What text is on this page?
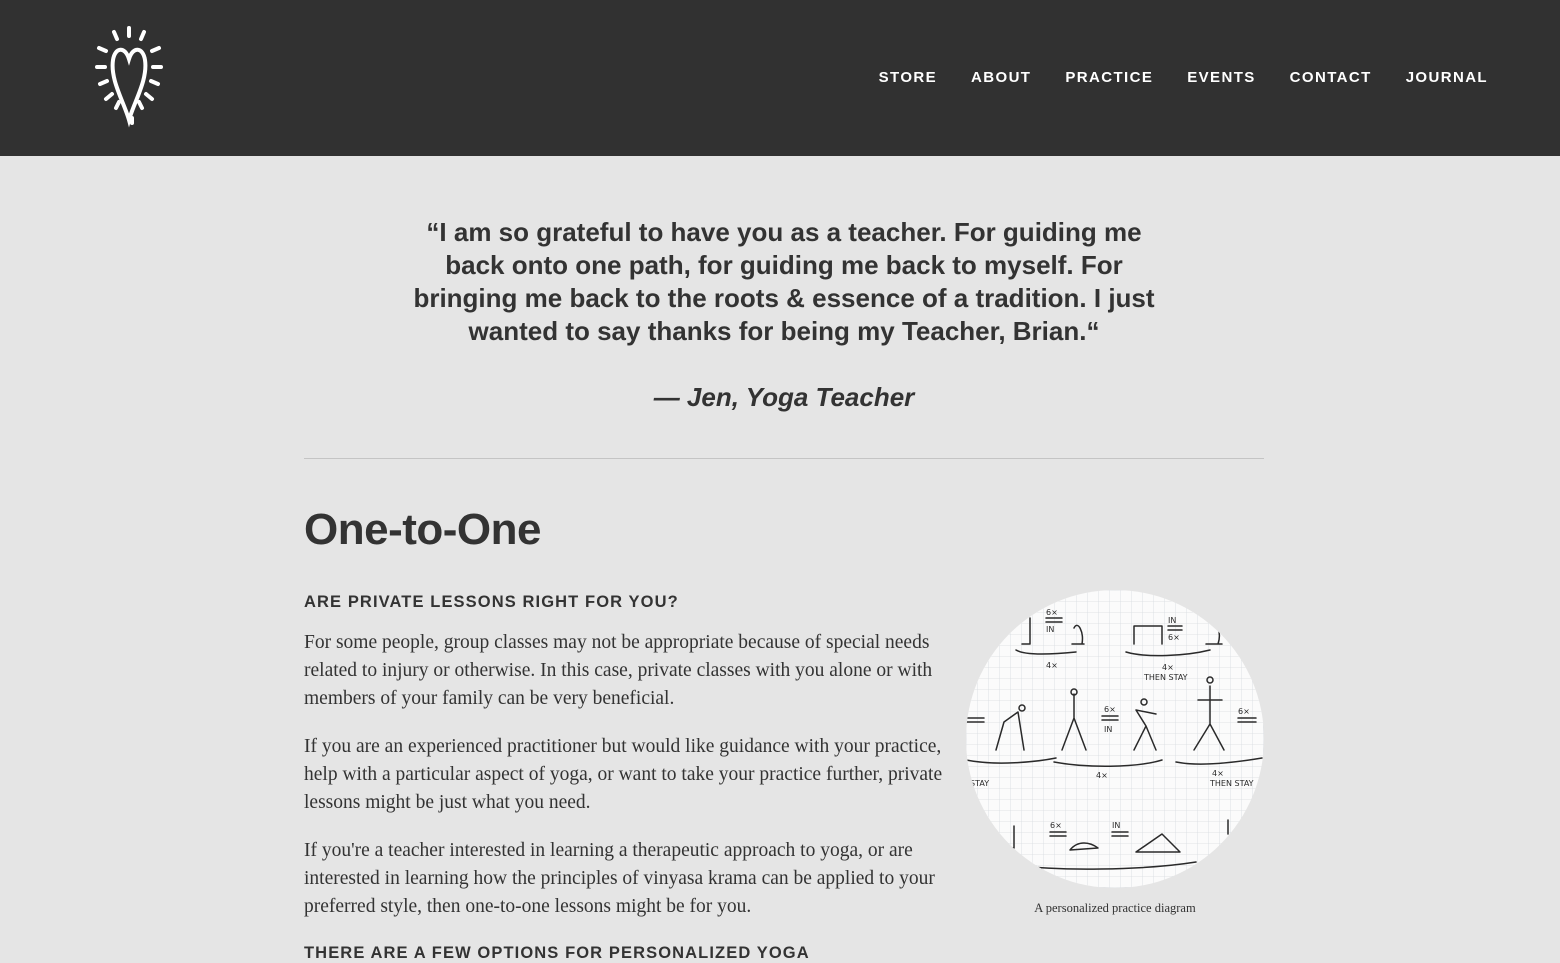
STORE ABOUT PRACTICE EVENTS CONTACT JOURNAL

“I am so grateful to have you as a teacher. For guiding me back onto one path, for guiding me back to myself. For bringing me back to the roots & essence of a tradition. I just wanted to say thanks for being my Teacher, Brian.“

— Jen, Yoga Teacher

One-to-One
ARE PRIVATE LESSONS RIGHT FOR YOU?

For some people, group classes may not be appropriate because of special needs related to injury or otherwise. In this case, private classes with you alone or with members of your family can be very beneficial.

If you are an experienced practitioner but would like guidance with your practice, help with a particular aspect of yoga, or want to take your practice further, private lessons might be just what you need.

If you're a teacher interested in learning a therapeutic approach to yoga, or are interested in learning how the principles of vinyasa krama can be applied to your preferred style, then one-to-one lessons might be for you.

THERE ARE A FEW OPTIONS FOR PERSONALIZED YOGA
6×
IN
4×
IN
6×
4×
THEN STAY
6×
IN
4×
6×
4×
THEN STAY
STAY
6×	IN

A personalized practice diagram
